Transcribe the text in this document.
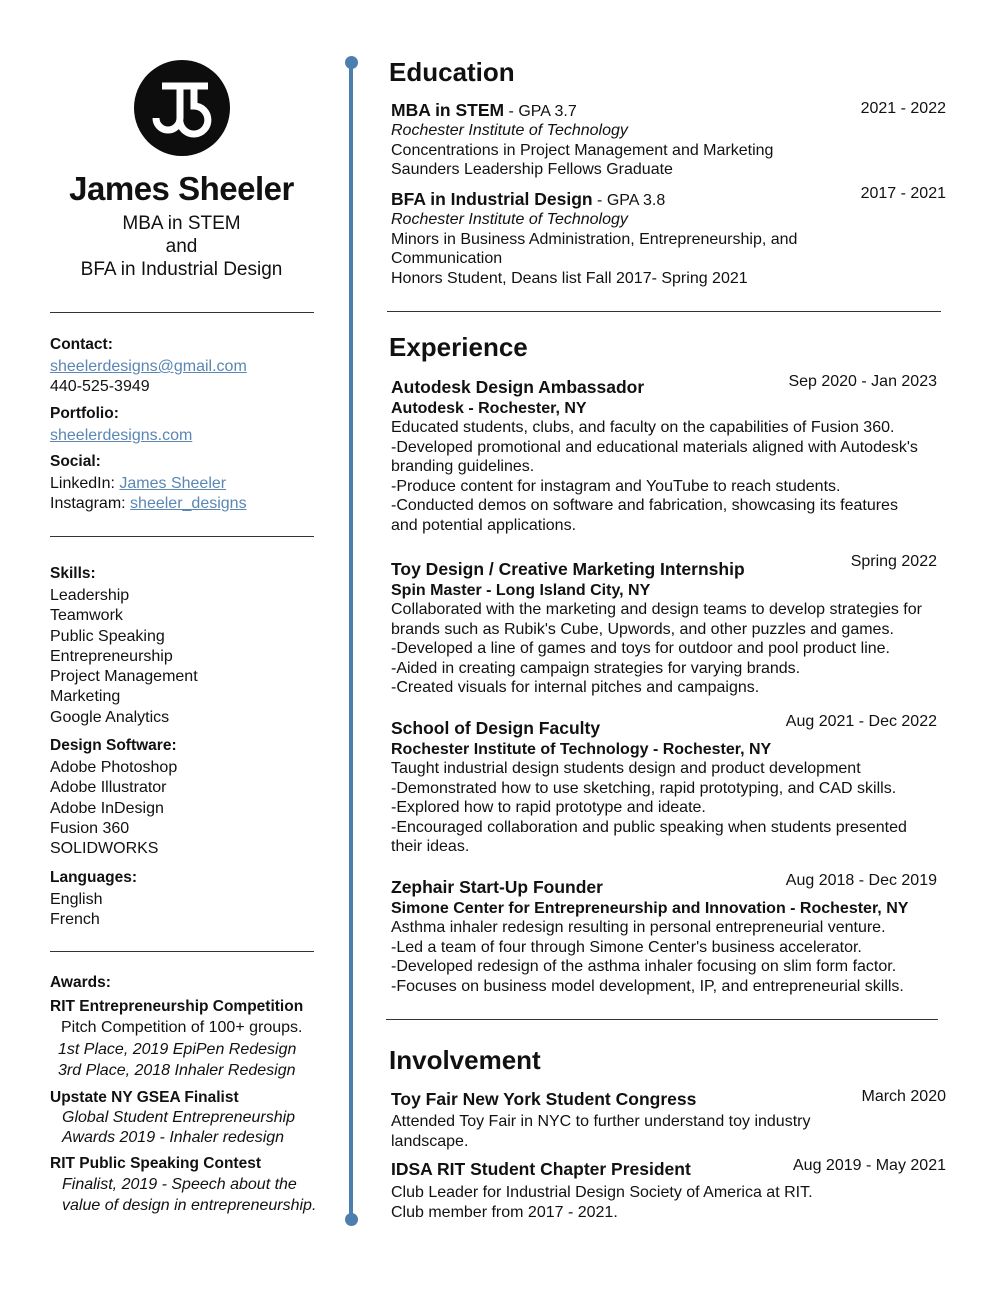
James Sheeler
MBA in STEM
and
BFA in Industrial Design
Contact:
sheelerdesigns@gmail.com
440-525-3949
Portfolio:
sheelerdesigns.com
Social:
LinkedIn: James Sheeler
Instagram: sheeler_designs
Skills:
Leadership
Teamwork
Public Speaking
Entrepreneurship
Project Management
Marketing
Google Analytics
Design Software:
Adobe Photoshop
Adobe Illustrator
Adobe InDesign
Fusion 360
SOLIDWORKS
Languages:
English
French
Awards:
RIT Entrepreneurship Competition
Pitch Competition of 100+ groups.
1st Place, 2019 EpiPen Redesign
3rd Place, 2018 Inhaler Redesign
Upstate NY GSEA Finalist
Global Student Entrepreneurship
Awards 2019 - Inhaler redesign
RIT Public Speaking Contest
Finalist, 2019 - Speech about the
value of design in entrepreneurship.
Education
MBA in STEM - GPA 3.7	2021 - 2022
Rochester Institute of Technology
Concentrations in Project Management and Marketing
Saunders Leadership Fellows Graduate
BFA in Industrial Design - GPA 3.8	2017 - 2021
Rochester Institute of Technology
Minors in Business Administration, Entrepreneurship, and
Communication
Honors Student, Deans list Fall 2017- Spring 2021
Experience
Autodesk Design Ambassador	Sep 2020 - Jan 2023
Autodesk - Rochester, NY
Educated students, clubs, and faculty on the capabilities of Fusion 360.
-Developed promotional and educational materials aligned with Autodesk's
branding guidelines.
-Produce content for instagram and YouTube to reach students.
-Conducted demos on software and fabrication, showcasing its features
and potential applications.
Toy Design / Creative Marketing Internship	Spring 2022
Spin Master - Long Island City, NY
Collaborated with the marketing and design teams to develop strategies for
brands such as Rubik's Cube, Upwords, and other puzzles and games.
-Developed a line of games and toys for outdoor and pool product line.
-Aided in creating campaign strategies for varying brands.
-Created visuals for internal pitches and campaigns.
School of Design Faculty	Aug 2021 - Dec 2022
Rochester Institute of Technology - Rochester, NY
Taught industrial design students design and product development
-Demonstrated how to use sketching, rapid prototyping, and CAD skills.
-Explored how to rapid prototype and ideate.
-Encouraged collaboration and public speaking when students presented
their ideas.
Zephair Start-Up Founder	Aug 2018 - Dec 2019
Simone Center for Entrepreneurship and Innovation - Rochester, NY
Asthma inhaler redesign resulting in personal entrepreneurial venture.
-Led a team of four through Simone Center's business accelerator.
-Developed redesign of the asthma inhaler focusing on slim form factor.
-Focuses on business model development, IP, and entrepreneurial skills.
Involvement
Toy Fair New York Student Congress	March 2020
Attended Toy Fair in NYC to further understand toy industry
landscape.
IDSA RIT Student Chapter President	Aug 2019 - May 2021
Club Leader for Industrial Design Society of America at RIT.
Club member from 2017 - 2021.
